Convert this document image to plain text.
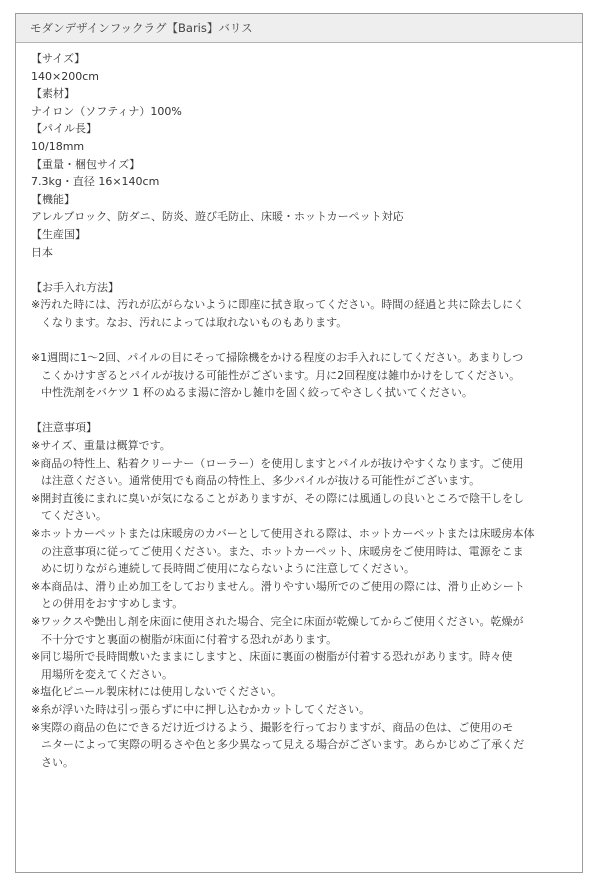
モダンデザインフックラグ【Baris】バリス
【サイズ】
140×200cm
【素材】
ナイロン（ソフティナ）100%
【パイル長】
10/18mm
【重量・梱包サイズ】
7.3kg・直径 16×140cm
【機能】
アレルブロック、防ダニ、防炎、遊び毛防止、床暖・ホットカーペット対応
【生産国】
日本
【お手入れ方法】
※汚れた時には、汚れが広がらないように即座に拭き取ってください。時間の経過と共に除去しにく
くなります。なお、汚れによっては取れないものもあります。
※1週間に1～2回、パイルの目にそって掃除機をかける程度のお手入れにしてください。あまりしつ
こくかけすぎるとパイルが抜ける可能性がございます。月に2回程度は雑巾かけをしてください。
中性洗剤をバケツ 1 杯のぬるま湯に溶かし雑巾を固く絞ってやさしく拭いてください。
【注意事項】
※サイズ、重量は概算です。
※商品の特性上、粘着クリーナー（ローラー）を使用しますとパイルが抜けやすくなります。ご使用
は注意ください。通常使用でも商品の特性上、多少パイルが抜ける可能性がございます。
※開封直後にまれに臭いが気になることがありますが、その際には風通しの良いところで陰干しをし
てください。
※ホットカーペットまたは床暖房のカバーとして使用される際は、ホットカーペットまたは床暖房本体
の注意事項に従ってご使用ください。また、ホットカーペット、床暖房をご使用時は、電源をこま
めに切りながら連続して長時間ご使用にならないように注意してください。
※本商品は、滑り止め加工をしておりません。滑りやすい場所でのご使用の際には、滑り止めシート
との併用をおすすめします。
※ワックスや艶出し剤を床面に使用された場合、完全に床面が乾燥してからご使用ください。乾燥が
不十分ですと裏面の樹脂が床面に付着する恐れがあります。
※同じ場所で長時間敷いたままにしますと、床面に裏面の樹脂が付着する恐れがあります。時々使
用場所を変えてください。
※塩化ビニール製床材には使用しないでください。
※糸が浮いた時は引っ張らずに中に押し込むかカットしてください。
※実際の商品の色にできるだけ近づけるよう、撮影を行っておりますが、商品の色は、ご使用のモ
ニターによって実際の明るさや色と多少異なって見える場合がございます。あらかじめご了承くだ
さい。
